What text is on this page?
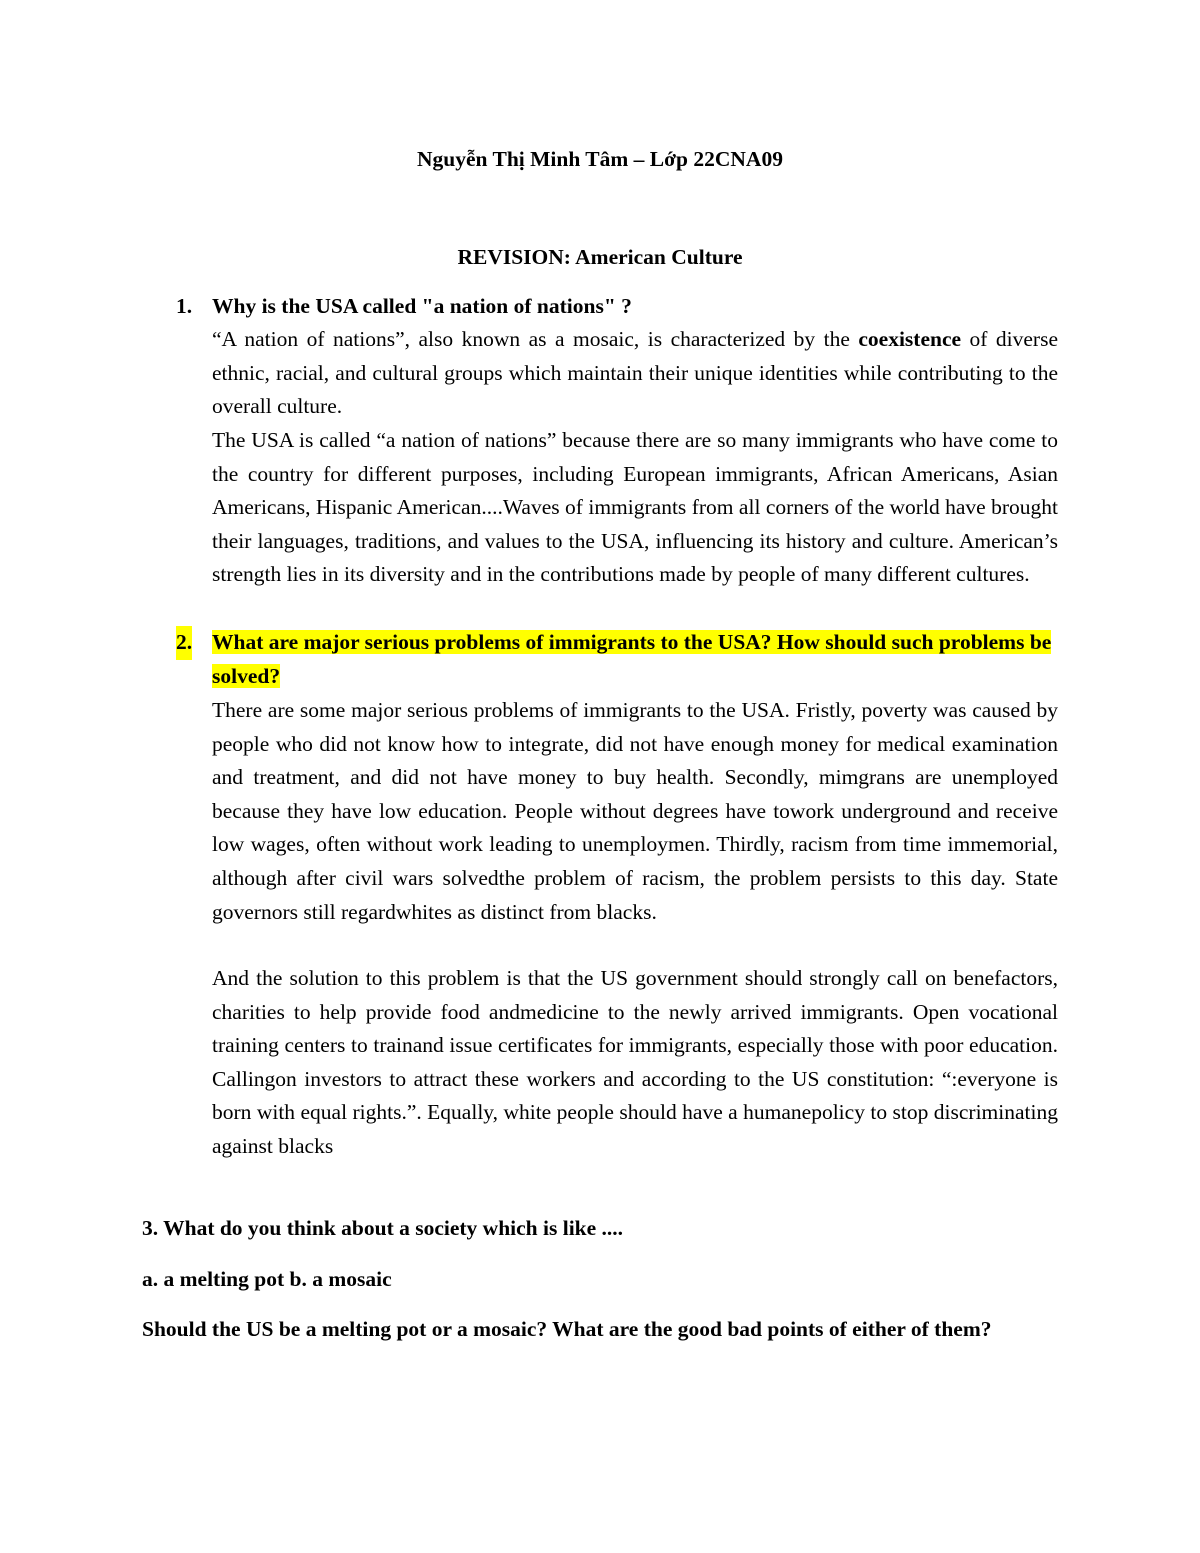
Nguyễn Thị Minh Tâm – Lớp 22CNA09
REVISION: American Culture
1. Why is the USA called "a nation of nations" ?

“A nation of nations”, also known as a mosaic, is characterized by the coexistence of diverse ethnic, racial, and cultural groups which maintain their unique identities while contributing to the overall culture.

The USA is called “a nation of nations” because there are so many immigrants who have come to the country for different purposes, including European immigrants, African Americans, Asian Americans, Hispanic American....Waves of immigrants from all corners of the world have brought their languages, traditions, and values to the USA, influencing its history and culture. American’s strength lies in its diversity and in the contributions made by people of many different cultures.

2. What are major serious problems of immigrants to the USA? How should such problems be solved?

There are some major serious problems of immigrants to the USA. Fristly, poverty was caused by people who did not know how to integrate, did not have enough money for medical examination and treatment, and did not have money to buy health. Secondly, mimgrans are unemployed because they have low education. People without degrees have towork underground and receive low wages, often without work leading to unemploymen. Thirdly, racism from time immemorial, although after civil wars solvedthe problem of racism, the problem persists to this day. State governors still regardwhites as distinct from blacks.

And the solution to this problem is that the US government should strongly call on benefactors, charities to help provide food andmedicine to the newly arrived immigrants. Open vocational training centers to trainand issue certificates for immigrants, especially those with poor education. Callingon investors to attract these workers and according to the US constitution: “:everyone is born with equal rights.”. Equally, white people should have a humanepolicy to stop discriminating against blacks

3. What do you think about a society which is like ....

a. a melting pot b. a mosaic

Should the US be a melting pot or a mosaic? What are the good bad points of either of them?
